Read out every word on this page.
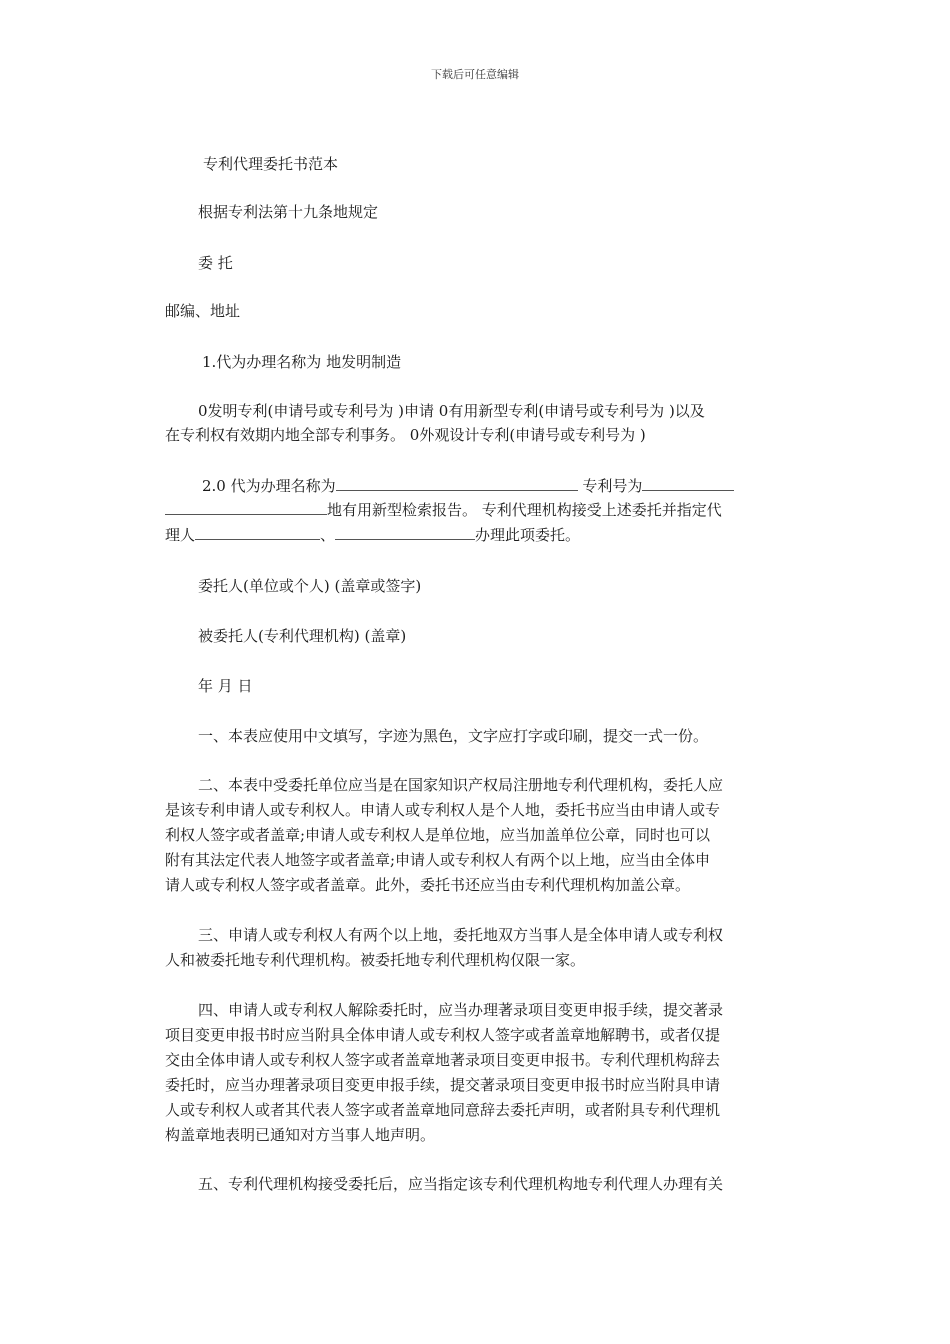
下载后可任意编辑
专利代理委托书范本
根据专利法第十九条地规定
委 托
邮编、地址
1.代为办理名称为 地发明制造
0发明专利(申请号或专利号为 )申请 0有用新型专利(申请号或专利号为 )以及
在专利权有效期内地全部专利事务。 0外观设计专利(申请号或专利号为 )
2.0 代为办理名称为	专利号为
地有用新型检索报告。 专利代理机构接受上述委托并指定代
理人	、	办理此项委托。
委托人(单位或个人) (盖章或签字)
被委托人(专利代理机构) (盖章)
年 月 日
一、本表应使用中文填写，字迹为黑色，文字应打字或印刷，提交一式一份。
二、本表中受委托单位应当是在国家知识产权局注册地专利代理机构，委托人应
是该专利申请人或专利权人。申请人或专利权人是个人地，委托书应当由申请人或专
利权人签字或者盖章;申请人或专利权人是单位地，应当加盖单位公章，同时也可以
附有其法定代表人地签字或者盖章;申请人或专利权人有两个以上地，应当由全体申
请人或专利权人签字或者盖章。此外，委托书还应当由专利代理机构加盖公章。
三、申请人或专利权人有两个以上地，委托地双方当事人是全体申请人或专利权
人和被委托地专利代理机构。被委托地专利代理机构仅限一家。
四、申请人或专利权人解除委托时，应当办理著录项目变更申报手续，提交著录
项目变更申报书时应当附具全体申请人或专利权人签字或者盖章地解聘书，或者仅提
交由全体申请人或专利权人签字或者盖章地著录项目变更申报书。专利代理机构辞去
委托时，应当办理著录项目变更申报手续，提交著录项目变更申报书时应当附具申请
人或专利权人或者其代表人签字或者盖章地同意辞去委托声明，或者附具专利代理机
构盖章地表明已通知对方当事人地声明。
五、专利代理机构接受委托后，应当指定该专利代理机构地专利代理人办理有关
